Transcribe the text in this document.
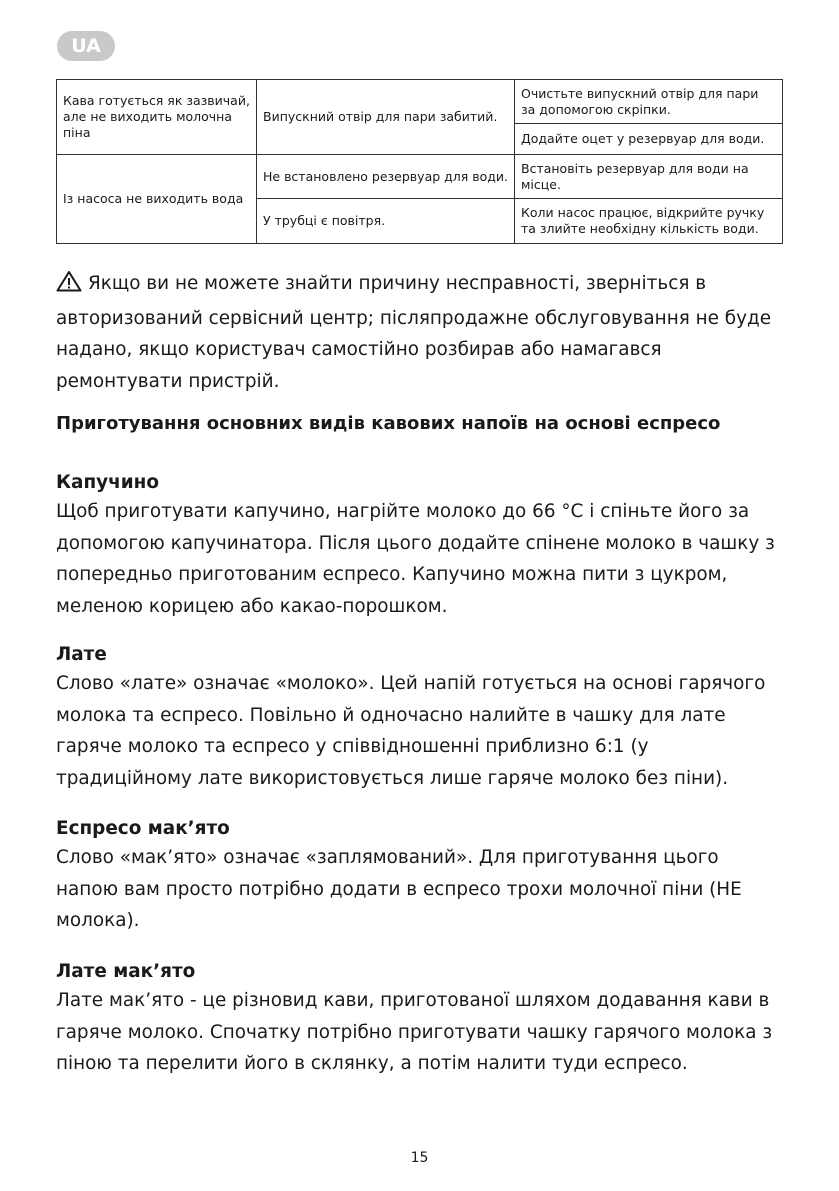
UA
Кава готується як зазвичай, але не виходить молочна піна	Випускний отвір для пари забитий.	Очистьте випускний отвір для пари за допомогою скріпки.
		Додайте оцет у резервуар для води.
Із насоса не виходить вода	Не встановлено резервуар для води.	Встановіть резервуар для води на місце.
	У трубці є повітря.	Коли насос працює, відкрийте ручку та злийте необхідну кількість води.
Якщо ви не можете знайти причину несправності, зверніться в авторизований сервісний центр; післяпродажне обслуговування не буде надано, якщо користувач самостійно розбирав або намагався ремонтувати пристрій.
Приготування основних видів кавових напоїв на основі еспресо
Капучино

Щоб приготувати капучино, нагрійте молоко до 66 °C і спіньте його за допомогою капучинатора. Після цього додайте спінене молоко в чашку з попередньо приготованим еспресо. Капучино можна пити з цукром, меленою корицею або какао-порошком.

Лате

Слово «лате» означає «молоко». Цей напій готується на основі гарячого молока та еспресо. Повільно й одночасно налийте в чашку для лате гаряче молоко та еспресо у співвідношенні приблизно 6:1 (у традиційному лате використовується лише гаряче молоко без піни).

Еспресо мак’ято

Слово «мак’ято» означає «заплямований». Для приготування цього напою вам просто потрібно додати в еспресо трохи молочної піни (НЕ молока).

Лате мак’ято

Лате мак’ято - це різновид кави, приготованої шляхом додавання кави в гаряче молоко. Спочатку потрібно приготувати чашку гарячого молока з піною та перелити його в склянку, а потім налити туди еспресо.

15
